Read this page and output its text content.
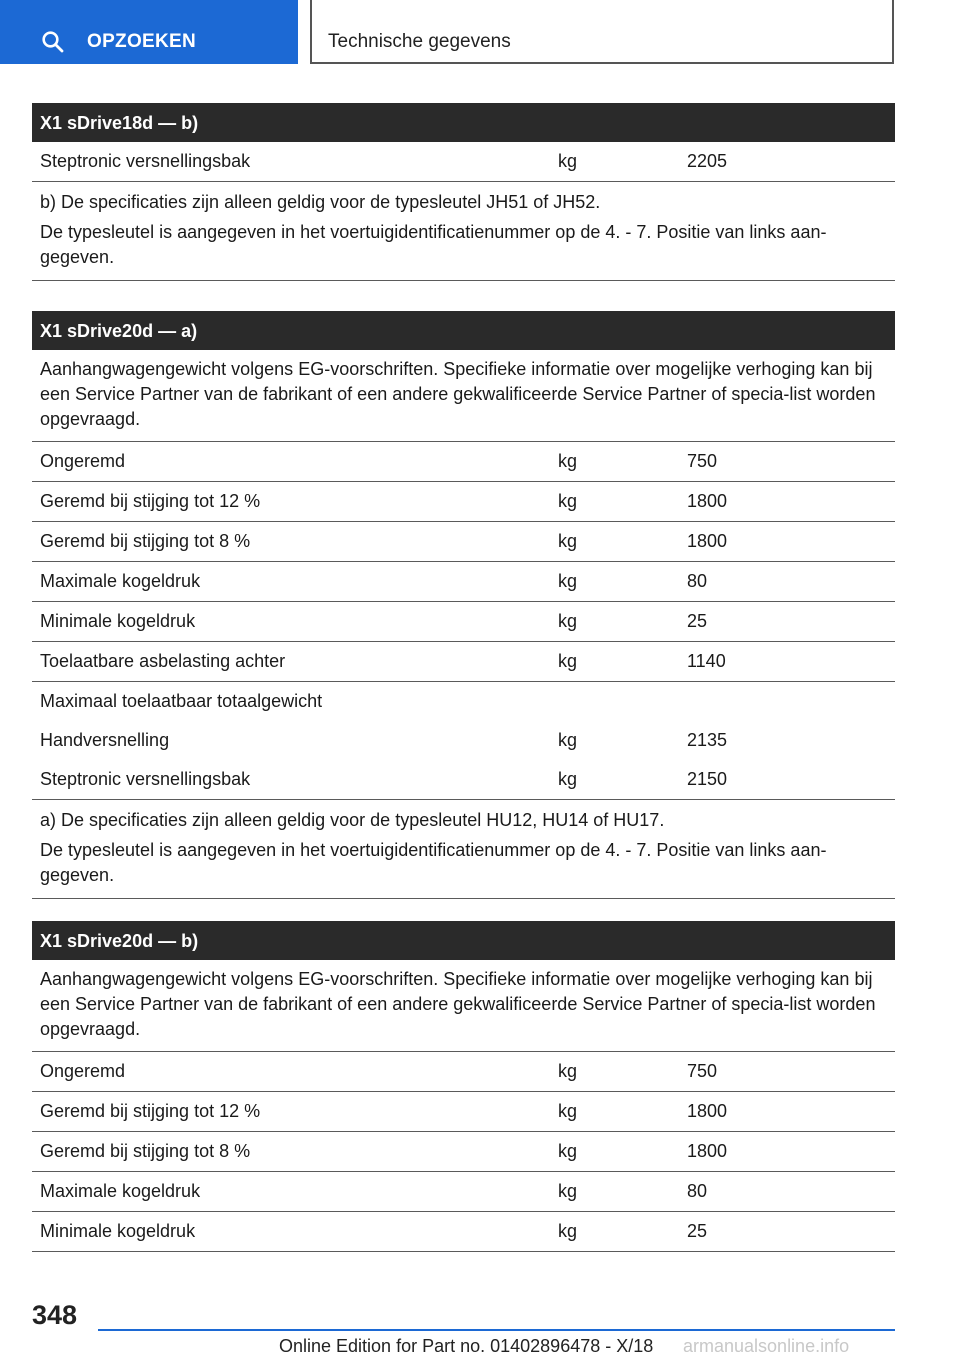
OPZOEKEN	Technische gegevens
X1 sDrive18d — b)
Steptronic versnellingsbak	kg	2205

b) De specificaties zijn alleen geldig voor de typesleutel JH51 of JH52.

De typesleutel is aangegeven in het voertuigidentificatienummer op de 4. - 7. Positie van links aan-gegeven.

X1 sDrive20d — a)
Aanhangwagengewicht volgens EG-voorschriften. Specifieke informatie over mogelijke verhoging kan bij een Service Partner van de fabrikant of een andere gekwalificeerde Service Partner of specia-list worden opgevraagd.
Ongeremd	kg	750
Geremd bij stijging tot 12 %	kg	1800
Geremd bij stijging tot 8 %	kg	1800
Maximale kogeldruk	kg	80
Minimale kogeldruk	kg	25
Toelaatbare asbelasting achter	kg	1140
Maximaal toelaatbaar totaalgewicht
Handversnelling	kg	2135
Steptronic versnellingsbak	kg	2150

a) De specificaties zijn alleen geldig voor de typesleutel HU12, HU14 of HU17.

De typesleutel is aangegeven in het voertuigidentificatienummer op de 4. - 7. Positie van links aan-gegeven.

X1 sDrive20d — b)
Aanhangwagengewicht volgens EG-voorschriften. Specifieke informatie over mogelijke verhoging kan bij een Service Partner van de fabrikant of een andere gekwalificeerde Service Partner of specia-list worden opgevraagd.
Ongeremd	kg	750
Geremd bij stijging tot 12 %	kg	1800
Geremd bij stijging tot 8 %	kg	1800
Maximale kogeldruk	kg	80
Minimale kogeldruk	kg	25
348
Online Edition for Part no. 01402896478 - X/18 armanualsonline.info
